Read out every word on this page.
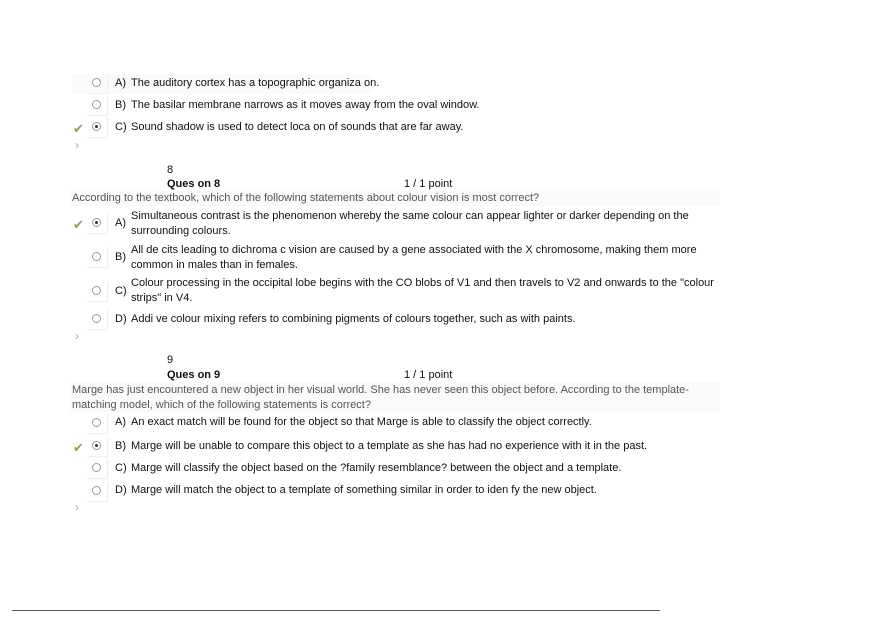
A) The auditory cortex has a topographic organiza on.
B) The basilar membrane narrows as it moves away from the oval window.
✔	C) Sound shadow is used to detect loca on of sounds that are far away.
›
8
Ques on 8	1 / 1 point
According to the textbook, which of the following statements about colour vision is most correct?
✔	A)
Simultaneous contrast is the phenomenon whereby the same colour can appear lighter or darker depending on the
surrounding colours.
B)
All de cits leading to dichroma c vision are caused by a gene associated with the X chromosome, making them more
common in males than in females.
C)
Colour processing in the occipital lobe begins with the CO blobs of V1 and then travels to V2 and onwards to the "colour
strips" in V4.
D) Addi ve colour mixing refers to combining pigments of colours together, such as with paints.
›
9
Ques on 9	1 / 1 point
Marge has just encountered a new object in her visual world. She has never seen this object before. According to the template-
matching model, which of the following statements is correct?
A) An exact match will be found for the object so that Marge is able to classify the object correctly.
✔	B) Marge will be unable to compare this object to a template as she has had no experience with it in the past.
C) Marge will classify the object based on the ?family resemblance? between the object and a template.
D) Marge will match the object to a template of something similar in order to iden fy the new object.
›
